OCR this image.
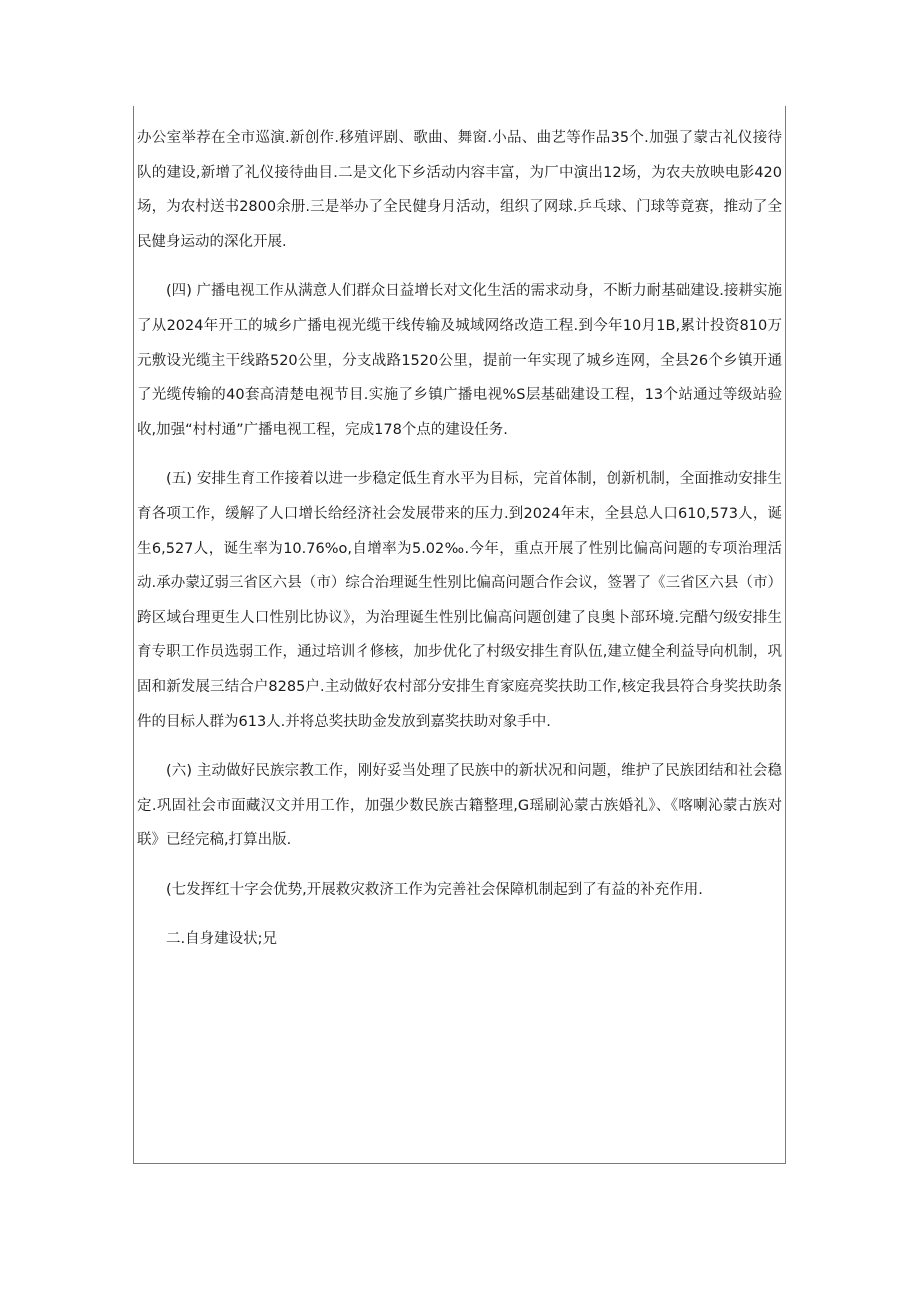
办公室举荐在全市巡演.新创作.移殖评剧、歌曲、舞窗.小品、曲艺等作品35个.加强了蒙古礼仪接待队的建设,新增了礼仪接待曲目.二是文化下乡活动内容丰富，为厂中演出12场，为农夫放映电影420场，为农村送书2800余册.三是举办了全民健身月活动，组织了网球.乒乓球、门球等竟赛，推动了全民健身运动的深化开展.

(四) 广播电视工作从满意人们群众日益增长对文化生活的需求动身，不断力耐基础建设.接耕实施了从2024年开工的城乡广播电视光缆干线传输及城域网络改造工程.到今年10月1B,累计投资810万元敷设光缆主干线路520公里，分支战路1520公里，提前一年实现了城乡连网，全县26个乡镇开通了光缆传输的40套高清楚电视节目.实施了乡镇广播电视%S层基础建设工程，13个站通过等级站验收,加强“村村通”广播电视工程，完成178个点的建设任务.

(五) 安排生育工作接着以进一步稳定低生育水平为目标，完首体制，创新机制，全面推动安排生育各项工作，缓解了人口增长给经济社会发展带来的压力.到2024年末，全县总人口610,573人，诞生6,527人，诞生率为10.76%o,自增率为5.02‰.今年，重点开展了性别比偏高问题的专项治理活动.承办蒙辽弱三省区六县（市）综合治理诞生性别比偏高问题合作会议，签署了《三省区六县（市）跨区域台理更生人口性别比协议》，为治理诞生性别比偏高问题创建了良奥卜部环境.完醋勺级安排生育专职工作员选弱工作，通过培训彳修核，加步优化了村级安排生育队伍,建立健全利益导向机制，巩固和新发展三结合户8285户.主动做好农村部分安排生育家庭亮奖扶助工作,核定我县符合身奖扶助条件的目标人群为613人.并将总奖扶助金发放到嘉奖扶助对象手中.

(六) 主动做好民族宗教工作，刚好妥当处理了民族中的新状况和问题，维护了民族团结和社会稳定.巩固社会市面藏汉文并用工作，加强少数民族古籍整理,G瑶刷沁蒙古族婚礼》、《喀喇沁蒙古族对联》已经完稿,打算出版.

(七发挥红十字会优势,开展救灾救济工作为完善社会保障机制起到了有益的补充作用.

二.自身建设状;兄
